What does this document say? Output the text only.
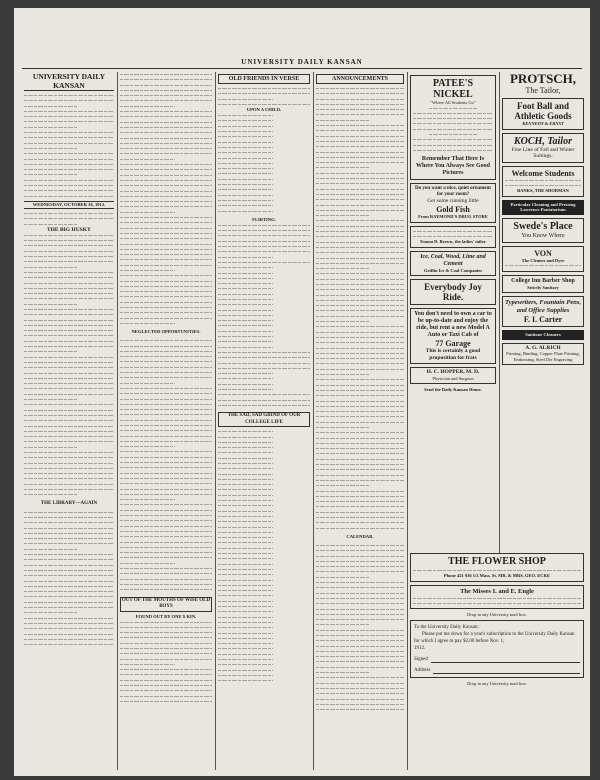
UNIVERSITY DAILY KANSAN
UNIVERSITY DAILY KANSAN
WEDNESDAY, OCTOBER 16, 1912.
THE BIG HUSKY
THE LIBRARY—AGAIN
NEGLECTED OPPORTUNITIES.
OUT OF THE MOUTHS OF WISE OLD BOYS
FOUND OUT BY ONE'S KIN.
OLD FRIENDS IN VERSE
UPON A CHILD.
FLIRTING.
THE SAD, SAD GRIND OF OUR COLLEGE LIFE
ANNOUNCEMENTS
CALENDAR.
PATEE'S NICKEL
"Where All Students Go"
Remember That Here Is Where You Always See Good Pictures
Do you want a nice, quiet ornament for your room?
Get some cunning little
Gold Fish
From RAYMOND'S DRUG STORE
Emma D. Brown, the ladies' tailor
Ice, Coal, Wood, Lime and Cement
Griffin Ice & Coal Companies
Everybody Joy Ride.
You don't need to own a car to be up-to-date and enjoy the ride, but rent a new Model A Auto or Taxi Cab of
77 Garage
This is certainly a good proposition for frats
H. C. HOPPER, M. D.
Physician and Surgeon
Send the Daily Kansan Home.
PROTSCH,
The Tailor,
Foot Ball and Athletic Goods
KENNEDY & ERNST
KOCH, Tailor
Fine Line of Fall and Winter Suitings.
Welcome Students
BANKS, THE SHORMAN
Particular Cleaning and Pressing
Lawrence Pantatorium
Swede's Place
You Know Where
VON
The Cleaner and Dyer
College Inn Barber Shop
Strictly Sanitary
Typewriters, Fountain Pens, and Office Supplies
F. I. Carter
Sanitone Cleaners
A. G. ALRICH
Printing, Binding, Copper Plate Printing, Embossing, Steel Die Engraving
THE FLOWER SHOP
Phone 421 936 1/2 Mass. St. MR. & MRS. GEO. ECKE
The Misses I. and E. Engle
Drop in any University mail box.
To the University Daily Kansan:
Please put me down for a year's subscription to the University Daily Kansan for which I agree to pay $2.00 before Nov. 1,
1912.
Signed
Address
Drop in any University mail box.
